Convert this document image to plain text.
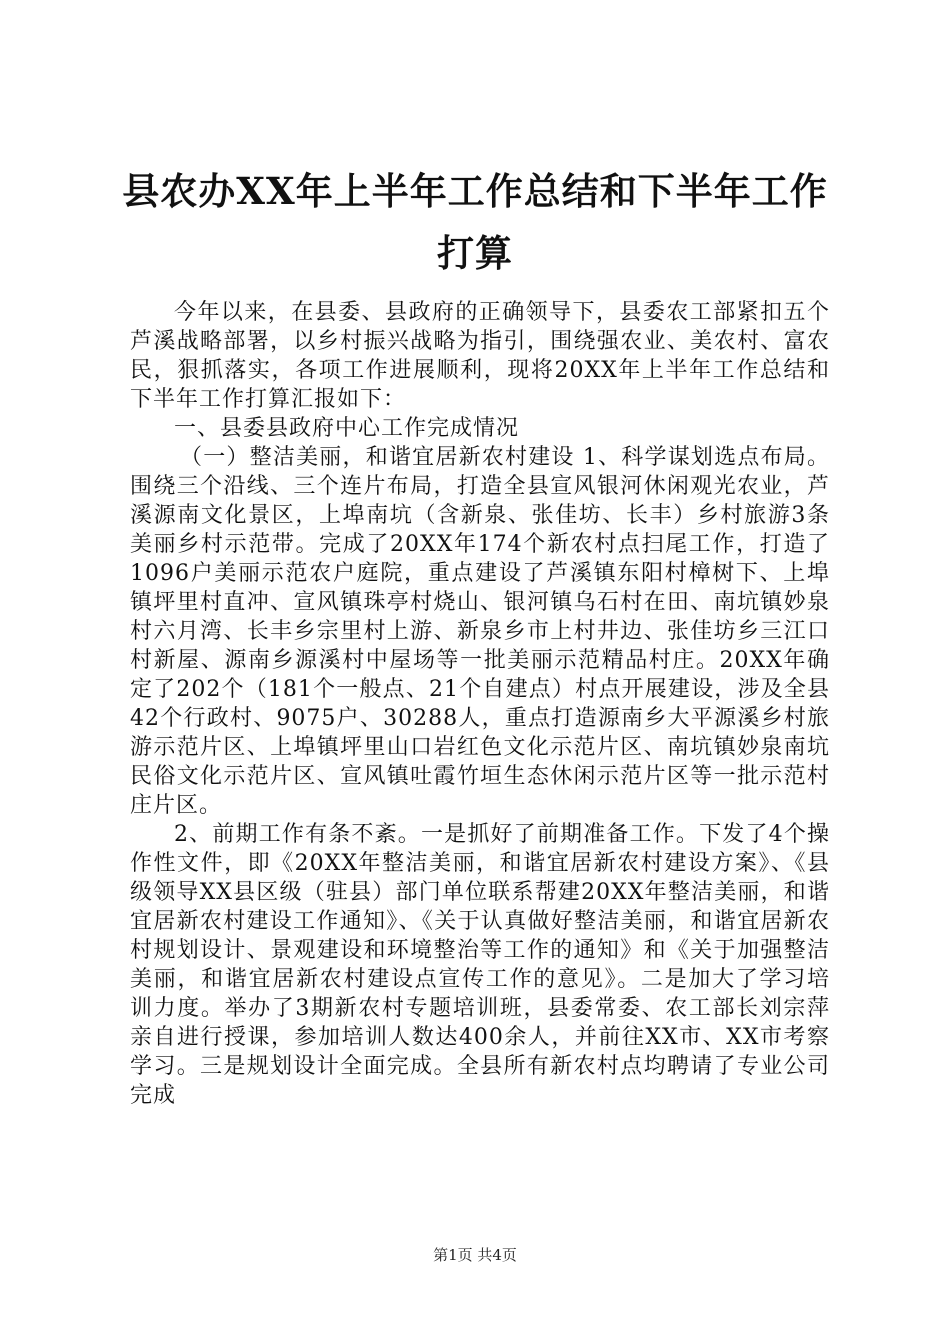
县农办XX年上半年工作总结和下半年工作打算

今年以来，在县委、县政府的正确领导下，县委农工部紧扣五个芦溪战略部署，以乡村振兴战略为指引，围绕强农业、美农村、富农民，狠抓落实，各项工作进展顺利，现将20XX年上半年工作总结和下半年工作打算汇报如下：

一、县委县政府中心工作完成情况

（一）整洁美丽，和谐宜居新农村建设 1、科学谋划选点布局。围绕三个沿线、三个连片布局，打造全县宣风银河休闲观光农业，芦溪源南文化景区，上埠南坑（含新泉、张佳坊、长丰）乡村旅游3条美丽乡村示范带。完成了20XX年174个新农村点扫尾工作，打造了1096户美丽示范农户庭院，重点建设了芦溪镇东阳村樟树下、上埠镇坪里村直冲、宣风镇珠亭村烧山、银河镇乌石村在田、南坑镇妙泉村六月湾、长丰乡宗里村上游、新泉乡市上村井边、张佳坊乡三江口村新屋、源南乡源溪村中屋场等一批美丽示范精品村庄。20XX年确定了202个（181个一般点、21个自建点）村点开展建设，涉及全县42个行政村、9075户、30288人，重点打造源南乡大平源溪乡村旅游示范片区、上埠镇坪里山口岩红色文化示范片区、南坑镇妙泉南坑民俗文化示范片区、宣风镇吐霞竹垣生态休闲示范片区等一批示范村庄片区。

2、前期工作有条不紊。一是抓好了前期准备工作。下发了4个操作性文件，即《20XX年整洁美丽，和谐宜居新农村建设方案》、《县级领导XX县区级（驻县）部门单位联系帮建20XX年整洁美丽，和谐宜居新农村建设工作通知》、《关于认真做好整洁美丽，和谐宜居新农村规划设计、景观建设和环境整治等工作的通知》和《关于加强整洁美丽，和谐宜居新农村建设点宣传工作的意见》。二是加大了学习培训力度。举办了3期新农村专题培训班，县委常委、农工部长刘宗萍亲自进行授课，参加培训人数达400余人，并前往XX市、XX市考察学习。三是规划设计全面完成。全县所有新农村点均聘请了专业公司完成

第1页 共4页
